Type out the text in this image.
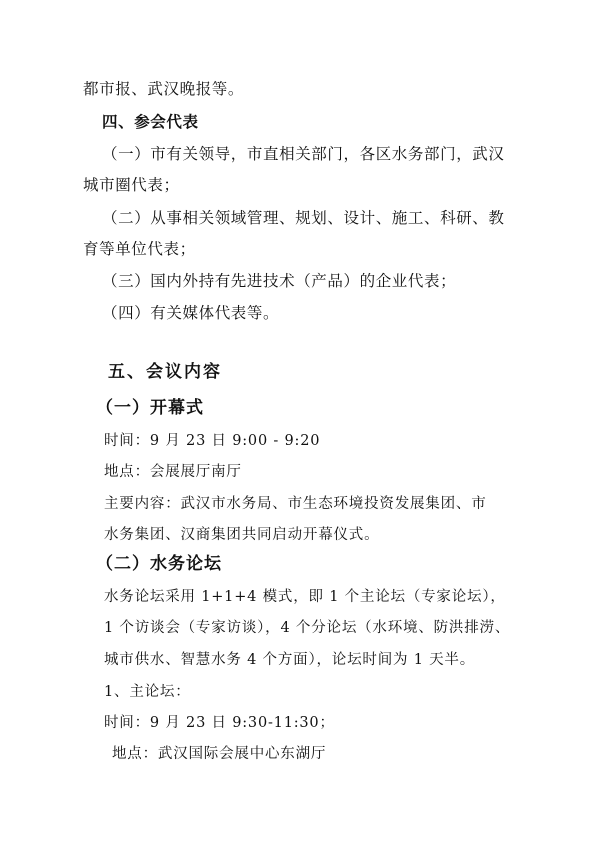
都市报、武汉晚报等。
四、参会代表
（一）市有关领导，市直相关部门，各区水务部门，武汉
城市圈代表；
（二）从事相关领域管理、规划、设计、施工、科研、教
育等单位代表；
（三）国内外持有先进技术（产品）的企业代表；
（四）有关媒体代表等。
五、会议内容
（一）开幕式
时间：9 月 23 日 9:00 - 9:20
地点：会展展厅南厅
主要内容：武汉市水务局、市生态环境投资发展集团、市
水务集团、汉商集团共同启动开幕仪式。
（二）水务论坛
水务论坛采用 1+1+4 模式，即 1 个主论坛（专家论坛），
1 个访谈会（专家访谈），4 个分论坛（水环境、防洪排涝、
城市供水、智慧水务 4 个方面），论坛时间为 1 天半。
1、主论坛：
时间：9 月 23 日 9:30-11:30；
地点：武汉国际会展中心东湖厅
